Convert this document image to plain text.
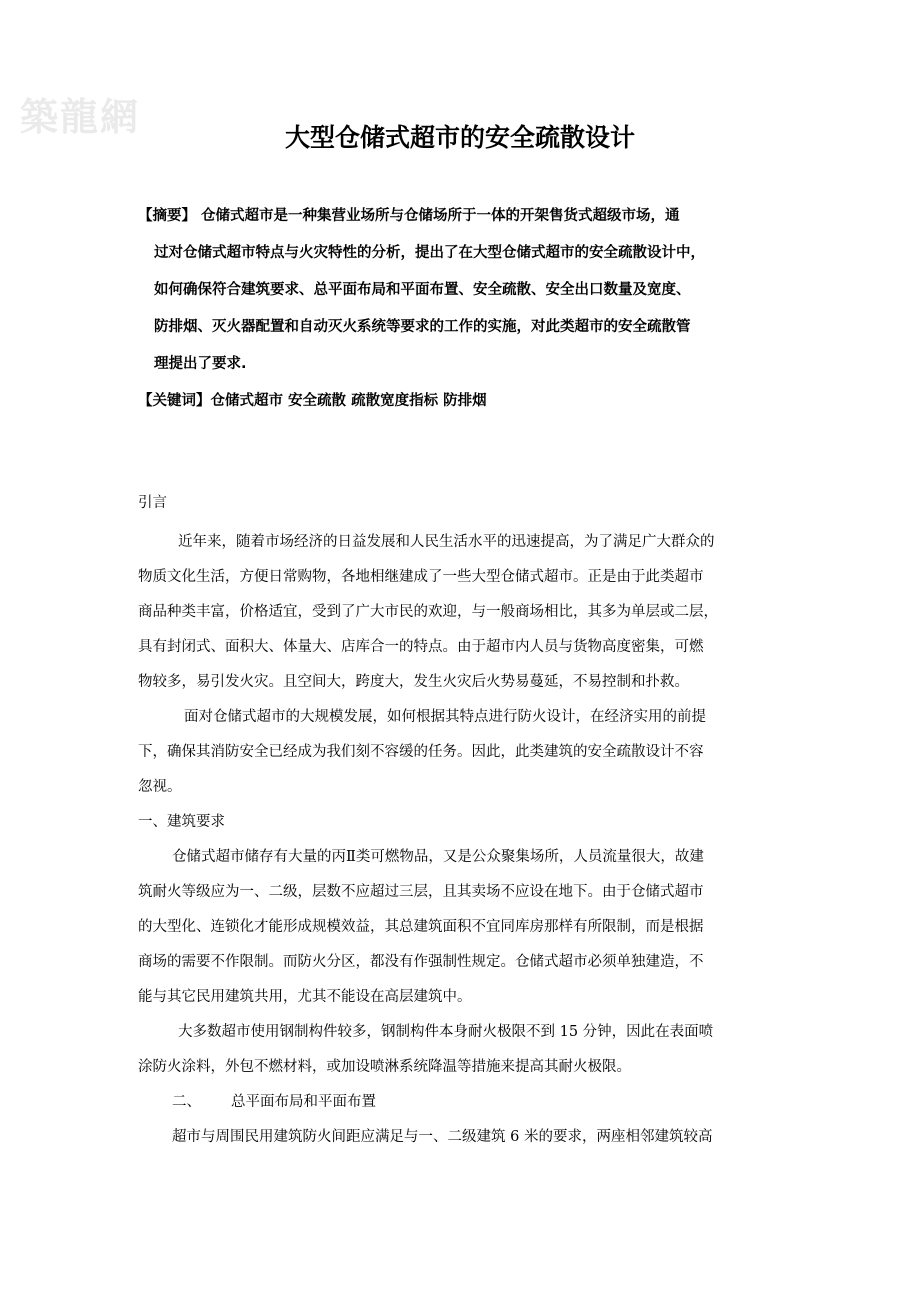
築龍網	大型仓储式超市的安全疏散设计
【摘要】 仓储式超市是一种集营业场所与仓储场所于一体的开架售货式超级市场，通
过对仓储式超市特点与火灾特性的分析，提出了在大型仓储式超市的安全疏散设计中，
如何确保符合建筑要求、总平面布局和平面布置、安全疏散、安全出口数量及宽度、
防排烟、灭火器配置和自动灭火系统等要求的工作的实施，对此类超市的安全疏散管
理提出了要求.
【关键词】仓储式超市 安全疏散 疏散宽度指标 防排烟
引言
近年来，随着市场经济的日益发展和人民生活水平的迅速提高，为了满足广大群众的
物质文化生活，方便日常购物，各地相继建成了一些大型仓储式超市。正是由于此类超市
商品种类丰富，价格适宜，受到了广大市民的欢迎，与一般商场相比，其多为单层或二层，
具有封闭式、面积大、体量大、店库合一的特点。由于超市内人员与货物高度密集，可燃
物较多，易引发火灾。且空间大，跨度大，发生火灾后火势易蔓延，不易控制和扑救。
面对仓储式超市的大规模发展，如何根据其特点进行防火设计，在经济实用的前提
下，确保其消防安全已经成为我们刻不容缓的任务。因此，此类建筑的安全疏散设计不容
忽视。
一、建筑要求
仓储式超市储存有大量的丙Ⅱ类可燃物品，又是公众聚集场所，人员流量很大，故建
筑耐火等级应为一、二级，层数不应超过三层，且其卖场不应设在地下。由于仓储式超市
的大型化、连锁化才能形成规模效益，其总建筑面积不宜同库房那样有所限制，而是根据
商场的需要不作限制。而防火分区，都没有作强制性规定。仓储式超市必须单独建造，不
能与其它民用建筑共用，尤其不能设在高层建筑中。
大多数超市使用钢制构件较多，钢制构件本身耐火极限不到 15 分钟，因此在表面喷
涂防火涂料，外包不燃材料，或加设喷淋系统降温等措施来提高其耐火极限。
二、 总平面布局和平面布置
超市与周围民用建筑防火间距应满足与一、二级建筑 6 米的要求，两座相邻建筑较高
